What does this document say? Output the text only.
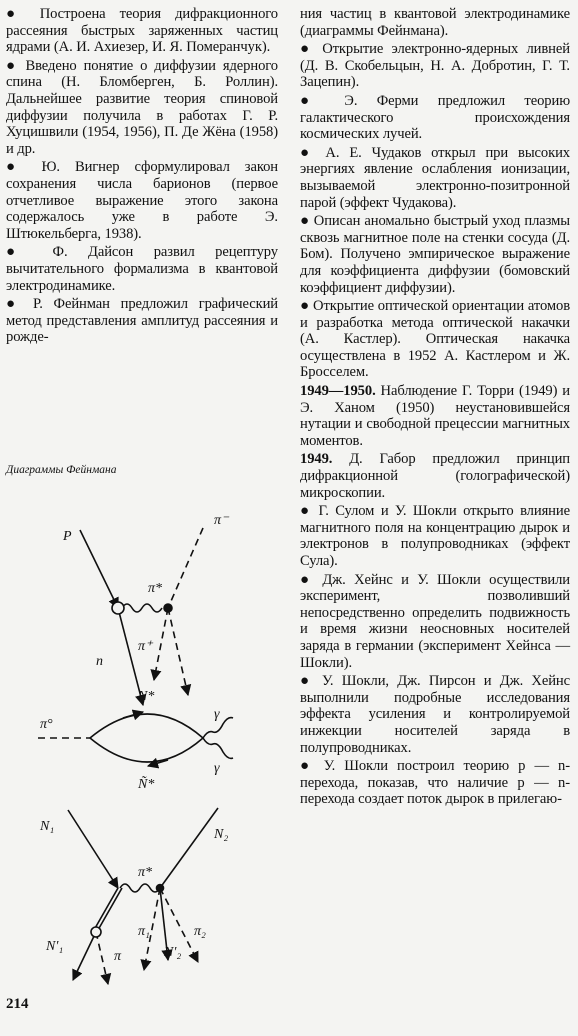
● Построена теория дифракционного рассеяния быстрых заряженных частиц ядрами (А. И. Ахиезер, И. Я. Померанчук).

● Введено понятие о диффузии ядерного спина (Н. Бломберген, Б. Роллин). Дальнейшее развитие теория спиновой диффузии получила в работах Г. Р. Хуцишвили (1954, 1956), П. Де Жёна (1958) и др.

● Ю. Вигнер сформулировал закон сохранения числа барионов (первое отчетливое выражение этого закона содержалось уже в работе Э. Штюкельберга, 1938).

● Ф. Дайсон развил рецептуру вычитательного формализма в квантовой электродинамике.

● Р. Фейнман предложил графический метод представления амплитуд рассеяния и рожде-

Диаграммы Фейнмана
P
π⁻
π*
n
π⁺
π°
N*
γ
Ñ*
γ
N₁
N₂
π*
π₁	π₂
N′₁
π	N′₂

ния частиц в квантовой электродинамике (диаграммы Фейнмана).

● Открытие электронно-ядерных ливней (Д. В. Скобельцын, Н. А. Добротин, Г. Т. Зацепин).

● Э. Ферми предложил теорию галактического происхождения космических лучей.

● А. Е. Чудаков открыл при высоких энергиях явление ослабления ионизации, вызываемой электронно-позитронной парой (эффект Чудакова).

● Описан аномально быстрый уход плазмы сквозь магнитное поле на стенки сосуда (Д. Бом). Получено эмпирическое выражение для коэффициента диффузии (бомовский коэффициент диффузии).

● Открытие оптической ориентации атомов и разработка метода оптической накачки (А. Кастлер). Оптическая накачка осуществлена в 1952 А. Кастлером и Ж. Бросселем.

1949—1950. Наблюдение Г. Торри (1949) и Э. Ханом (1950) неустановившейся нутации и свободной прецессии магнитных моментов.

1949. Д. Габор предложил принцип дифракционной (голографической) микроскопии.

● Г. Сулом и У. Шокли открыто влияние магнитного поля на концентрацию дырок и электронов в полупроводниках (эффект Сула).

● Дж. Хейнс и У. Шокли осуществили эксперимент, позволивший непосредственно определить подвижность и время жизни неосновных носителей заряда в германии (эксперимент Хейнса — Шокли).

● У. Шокли, Дж. Пирсон и Дж. Хейнс выполнили подробные исследования эффекта усиления и контролируемой инжекции носителей заряда в полупроводниках.

● У. Шокли построил теорию p — n-перехода, показав, что наличие p — n-перехода создает поток дырок в прилегаю-

214
